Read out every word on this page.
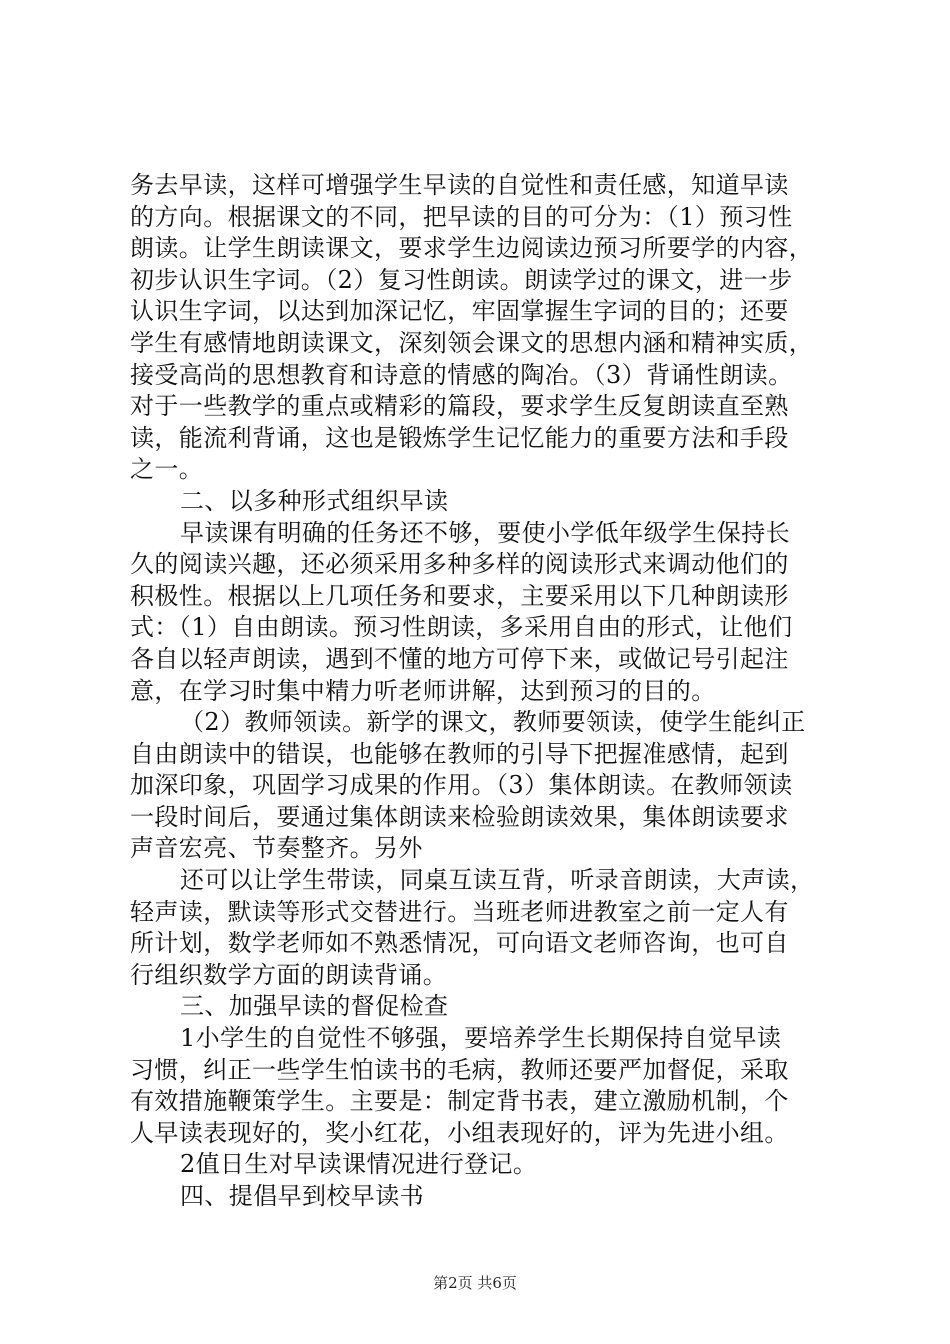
务去早读，这样可增强学生早读的自觉性和责任感，知道早读
的方向。根据课文的不同，把早读的目的可分为：（1）预习性
朗读。让学生朗读课文，要求学生边阅读边预习所要学的内容，
初步认识生字词。（2）复习性朗读。朗读学过的课文，进一步
认识生字词，以达到加深记忆，牢固掌握生字词的目的；还要
学生有感情地朗读课文，深刻领会课文的思想内涵和精神实质，
接受高尚的思想教育和诗意的情感的陶冶。（3）背诵性朗读。
对于一些教学的重点或精彩的篇段，要求学生反复朗读直至熟
读，能流利背诵，这也是锻炼学生记忆能力的重要方法和手段
之一。
二、以多种形式组织早读
早读课有明确的任务还不够，要使小学低年级学生保持长
久的阅读兴趣，还必须采用多种多样的阅读形式来调动他们的
积极性。根据以上几项任务和要求，主要采用以下几种朗读形
式：（1）自由朗读。预习性朗读，多采用自由的形式，让他们
各自以轻声朗读，遇到不懂的地方可停下来，或做记号引起注
意，在学习时集中精力听老师讲解，达到预习的目的。
（2）教师领读。新学的课文，教师要领读，使学生能纠正
自由朗读中的错误，也能够在教师的引导下把握准感情，起到
加深印象，巩固学习成果的作用。（3）集体朗读。在教师领读
一段时间后，要通过集体朗读来检验朗读效果，集体朗读要求
声音宏亮、节奏整齐。另外
还可以让学生带读，同桌互读互背，听录音朗读，大声读，
轻声读，默读等形式交替进行。当班老师进教室之前一定人有
所计划，数学老师如不熟悉情况，可向语文老师咨询，也可自
行组织数学方面的朗读背诵。
三、加强早读的督促检查
1小学生的自觉性不够强，要培养学生长期保持自觉早读
习惯，纠正一些学生怕读书的毛病，教师还要严加督促，采取
有效措施鞭策学生。主要是：制定背书表，建立激励机制，个
人早读表现好的，奖小红花，小组表现好的，评为先进小组。
2值日生对早读课情况进行登记。
四、提倡早到校早读书
第2页 共6页
